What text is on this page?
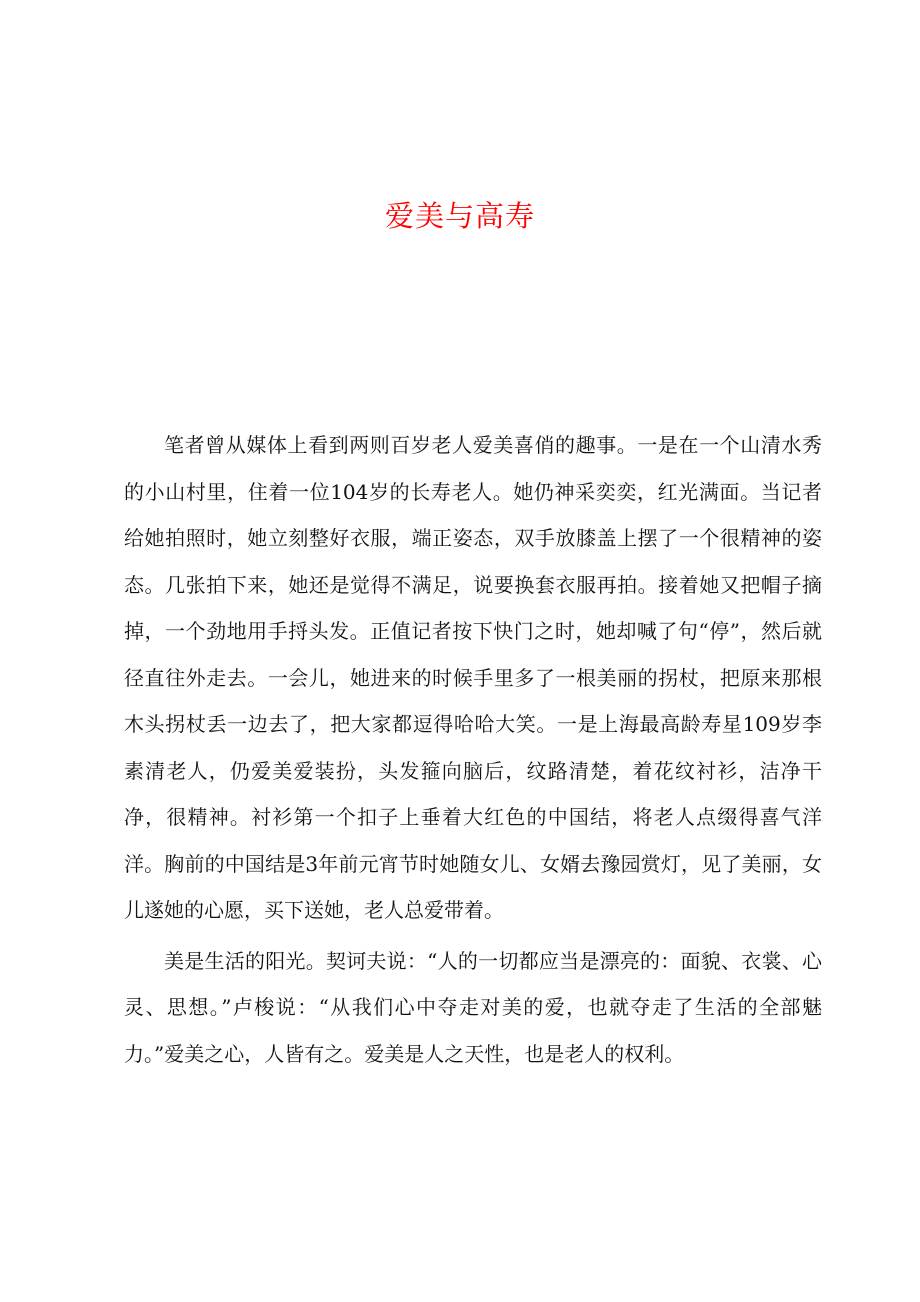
爱美与高寿

笔者曾从媒体上看到两则百岁老人爱美喜俏的趣事。一是在一个山清水秀的小山村里，住着一位104岁的长寿老人。她仍神采奕奕，红光满面。当记者给她拍照时，她立刻整好衣服，端正姿态，双手放膝盖上摆了一个很精神的姿态。几张拍下来，她还是觉得不满足，说要换套衣服再拍。接着她又把帽子摘掉，一个劲地用手捋头发。正值记者按下快门之时，她却喊了句“停”，然后就径直往外走去。一会儿，她进来的时候手里多了一根美丽的拐杖，把原来那根木头拐杖丢一边去了，把大家都逗得哈哈大笑。一是上海最高龄寿星109岁李素清老人，仍爱美爱装扮，头发箍向脑后，纹路清楚，着花纹衬衫，洁净干净，很精神。衬衫第一个扣子上垂着大红色的中国结，将老人点缀得喜气洋洋。胸前的中国结是3年前元宵节时她随女儿、女婿去豫园赏灯，见了美丽，女儿遂她的心愿，买下送她，老人总爱带着。

美是生活的阳光。契诃夫说：“人的一切都应当是漂亮的：面貌、衣裳、心灵、思想。”卢梭说：“从我们心中夺走对美的爱，也就夺走了生活的全部魅力。”爱美之心，人皆有之。爱美是人之天性，也是老人的权利。
